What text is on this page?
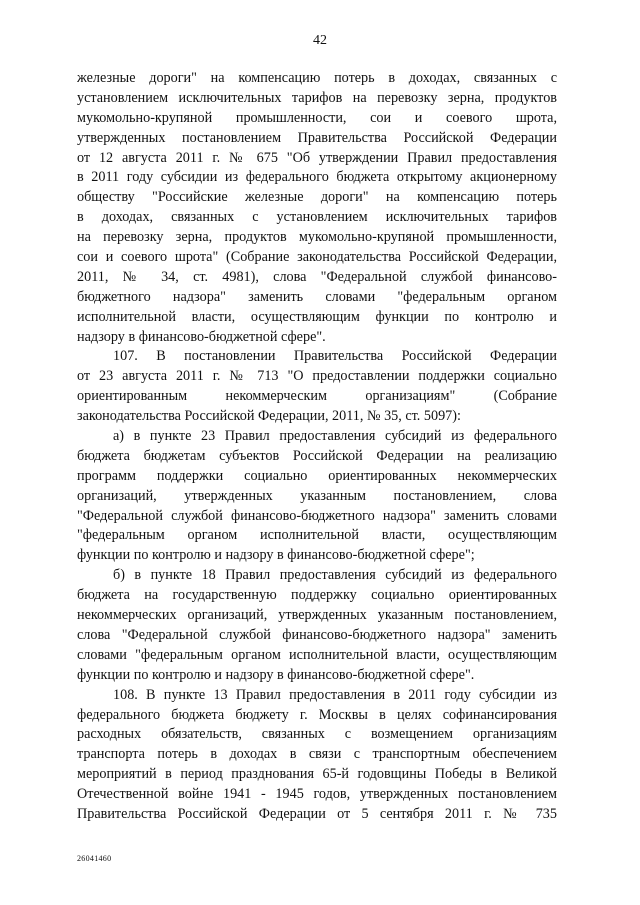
42
железные дороги" на компенсацию потерь в доходах, связанных с
установлением исключительных тарифов на перевозку зерна, продуктов
мукомольно-крупяной промышленности, сои и соевого шрота,
утвержденных постановлением Правительства Российской Федерации
от 12 августа 2011 г. № 675 "Об утверждении Правил предоставления
в 2011 году субсидии из федерального бюджета открытому акционерному
обществу "Российские железные дороги" на компенсацию потерь
в доходах, связанных с установлением исключительных тарифов
на перевозку зерна, продуктов мукомольно-крупяной промышленности,
сои и соевого шрота" (Собрание законодательства Российской Федерации,
2011, № 34, ст. 4981), слова "Федеральной службой финансово-
бюджетного надзора" заменить словами "федеральным органом
исполнительной власти, осуществляющим функции по контролю и
надзору в финансово-бюджетной сфере".
107. В постановлении Правительства Российской Федерации
от 23 августа 2011 г. № 713 "О предоставлении поддержки социально
ориентированным некоммерческим организациям" (Собрание
законодательства Российской Федерации, 2011, № 35, ст. 5097):
а) в пункте 23 Правил предоставления субсидий из федерального
бюджета бюджетам субъектов Российской Федерации на реализацию
программ поддержки социально ориентированных некоммерческих
организаций, утвержденных указанным постановлением, слова
"Федеральной службой финансово-бюджетного надзора" заменить словами
"федеральным органом исполнительной власти, осуществляющим
функции по контролю и надзору в финансово-бюджетной сфере";
б) в пункте 18 Правил предоставления субсидий из федерального
бюджета на государственную поддержку социально ориентированных
некоммерческих организаций, утвержденных указанным постановлением,
слова "Федеральной службой финансово-бюджетного надзора" заменить
словами "федеральным органом исполнительной власти, осуществляющим
функции по контролю и надзору в финансово-бюджетной сфере".
108. В пункте 13 Правил предоставления в 2011 году субсидии из
федерального бюджета бюджету г. Москвы в целях софинансирования
расходных обязательств, связанных с возмещением организациям
транспорта потерь в доходах в связи с транспортным обеспечением
мероприятий в период празднования 65-й годовщины Победы в Великой
Отечественной войне 1941 - 1945 годов, утвержденных постановлением
Правительства Российской Федерации от 5 сентября 2011 г. № 735
26041460
